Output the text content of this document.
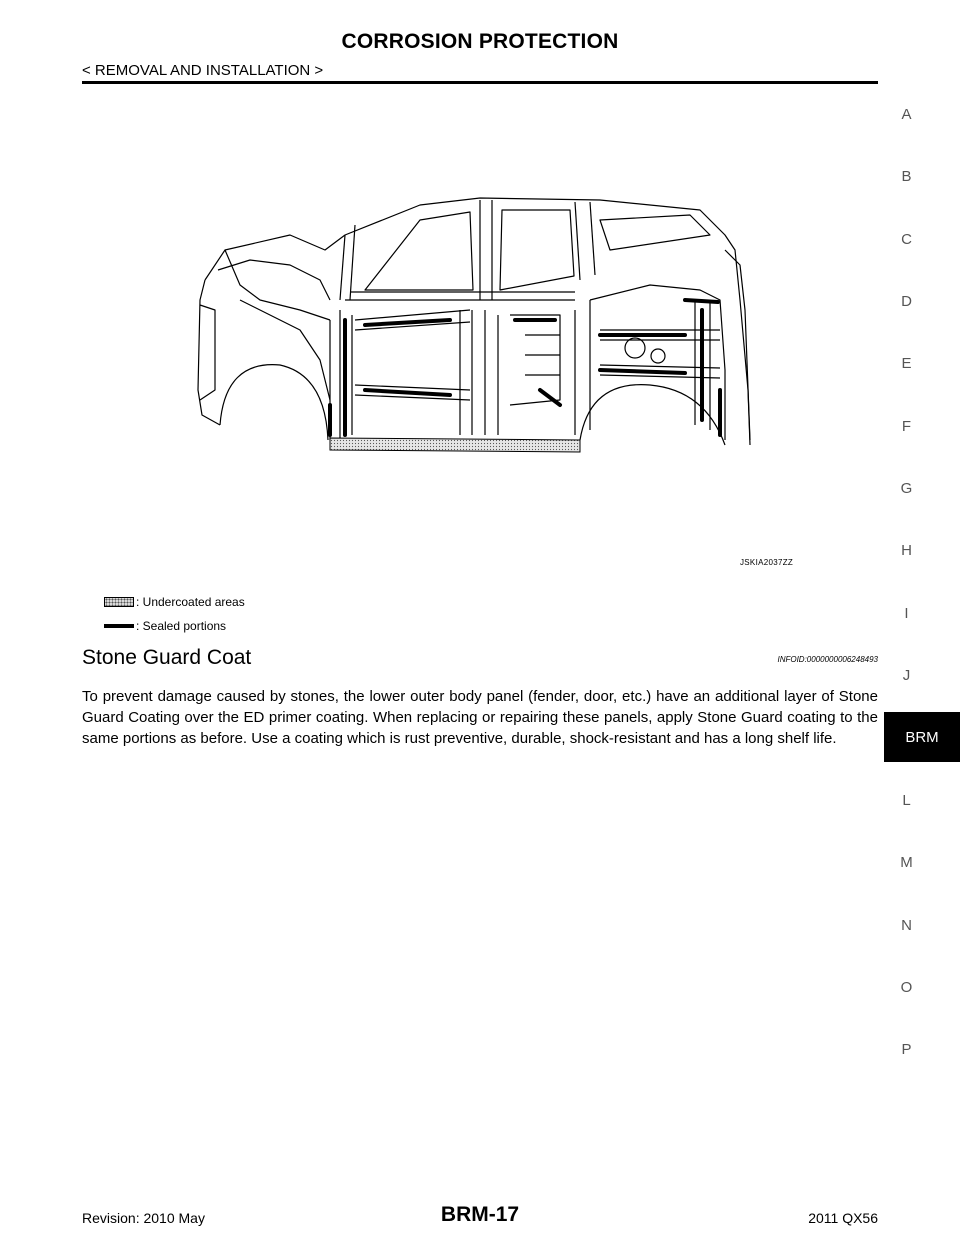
CORROSION PROTECTION
< REMOVAL AND INSTALLATION >
A
B
C
D
E
F
G
H
I
J
BRM
L
M
N
O
P
JSKIA2037ZZ
: Undercoated areas
: Sealed portions
Stone Guard Coat	INFOID:0000000006248493
To prevent damage caused by stones, the lower outer body panel (fender, door, etc.) have an additional layer of Stone Guard Coating over the ED primer coating. When replacing or repairing these panels, apply Stone Guard coating to the same portions as before. Use a coating which is rust preventive, durable, shock-resistant and has a long shelf life.
Revision: 2010 May	BRM-17	2011 QX56
